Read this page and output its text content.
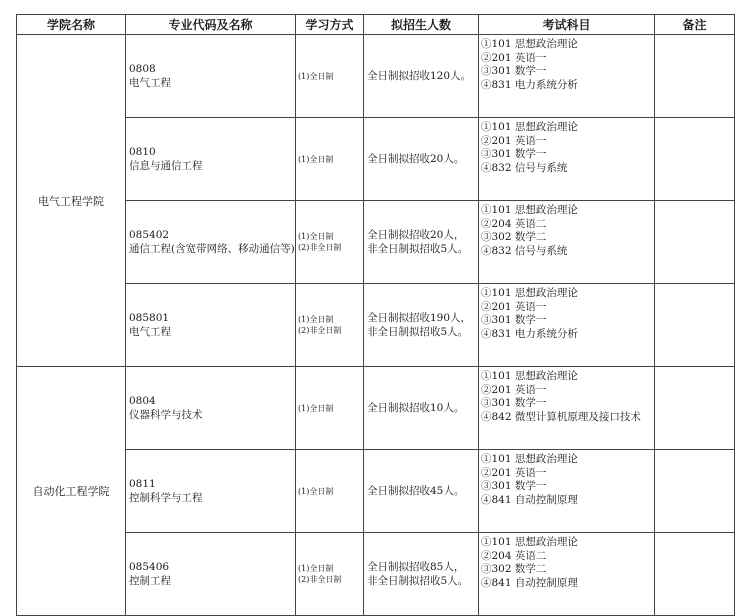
学院名称	专业代码及名称	学习方式	拟招生人数	考试科目	备注
电气工程学院	0808
电气工程	(1)全日制	全日制拟招收120人。	①101 思想政治理论
②201 英语一
③301 数学一
④831 电力系统分析	

	0810
信息与通信工程	(1)全日制	全日制拟招收20人。	①101 思想政治理论
②201 英语一
③301 数学一
④832 信号与系统	

	085402
通信工程(含宽带网络、移动通信等)	(1)全日制
(2)非全日制	全日制拟招收20人，
非全日制拟招收5人。	①101 思想政治理论
②204 英语二
③302 数学二
④832 信号与系统	

	085801
电气工程	(1)全日制
(2)非全日制	全日制拟招收190人，
非全日制拟招收5人。	①101 思想政治理论
②201 英语一
③301 数学一
④831 电力系统分析	

自动化工程学院	0804
仪器科学与技术	(1)全日制	全日制拟招收10人。	①101 思想政治理论
②201 英语一
③301 数学一
④842 微型计算机原理及接口技术	

	0811
控制科学与工程	(1)全日制	全日制拟招收45人。	①101 思想政治理论
②201 英语一
③301 数学一
④841 自动控制原理	

	085406
控制工程	(1)全日制
(2)非全日制	全日制拟招收85人，
非全日制拟招收5人。	①101 思想政治理论
②204 英语二
③302 数学二
④841 自动控制原理	
